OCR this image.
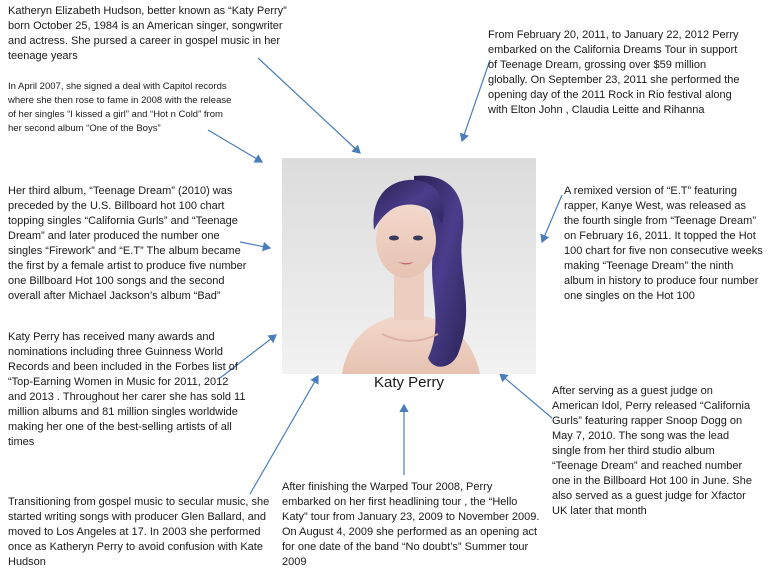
Katheryn Elizabeth Hudson, better known as “Katy Perry” born October 25, 1984 is an American singer, songwriter and actress. She pursed a career in gospel music in her teenage years

In April 2007, she signed a deal with Capitol records where she then rose to fame in 2008 with the release of her singles “I kissed a girl” and “Hot n Cold” from her second album “One of the Boys”

From February 20, 2011, to January 22, 2012 Perry embarked on the California Dreams Tour in support of Teenage Dream, grossing over $59 million globally. On September 23, 2011 she performed the opening day of the 2011 Rock in Rio festival along with Elton John , Claudia Leitte and Rihanna

Her third album, “Teenage Dream” (2010) was preceded by the U.S. Billboard hot 100 chart topping singles “California Gurls” and “Teenage Dream” and later produced the number one singles “Firework” and “E.T” The album became the first by a female artist to produce five number one Billboard Hot 100 songs and the second overall after Michael Jackson’s album “Bad”

A remixed version of “E.T” featuring rapper, Kanye West, was released as the fourth single from “Teenage Dream” on February 16, 2011. It topped the Hot 100 chart for five non consecutive weeks making “Teenage Dream” the ninth album in history to produce four number one singles on the Hot 100

Katy Perry has received many awards and nominations including three Guinness World Records and been included in the Forbes list of “Top-Earning Women in Music for 2011, 2012 and 2013 . Throughout her carer she has sold 11 million albums and 81 million singles worldwide making her one of the best-selling artists of all times

After serving as a guest judge on American Idol, Perry released “California Gurls” featuring rapper Snoop Dogg on May 7, 2010. The song was the lead single from her third studio album “Teenage Dream” and reached number one in the Billboard Hot 100 in June. She also served as a guest judge for Xfactor UK later that month

Transitioning from gospel music to secular music, she started writing songs with producer Glen Ballard, and moved to Los Angeles at 17. In 2003 she performed once as Katheryn Perry to avoid confusion with Kate Hudson

After finishing the Warped Tour 2008, Perry embarked on her first headlining tour , the “Hello Katy” tour from January 23, 2009 to November 2009. On August 4, 2009 she performed as an opening act for one date of the band “No doubt’s” Summer tour 2009

Katy Perry
